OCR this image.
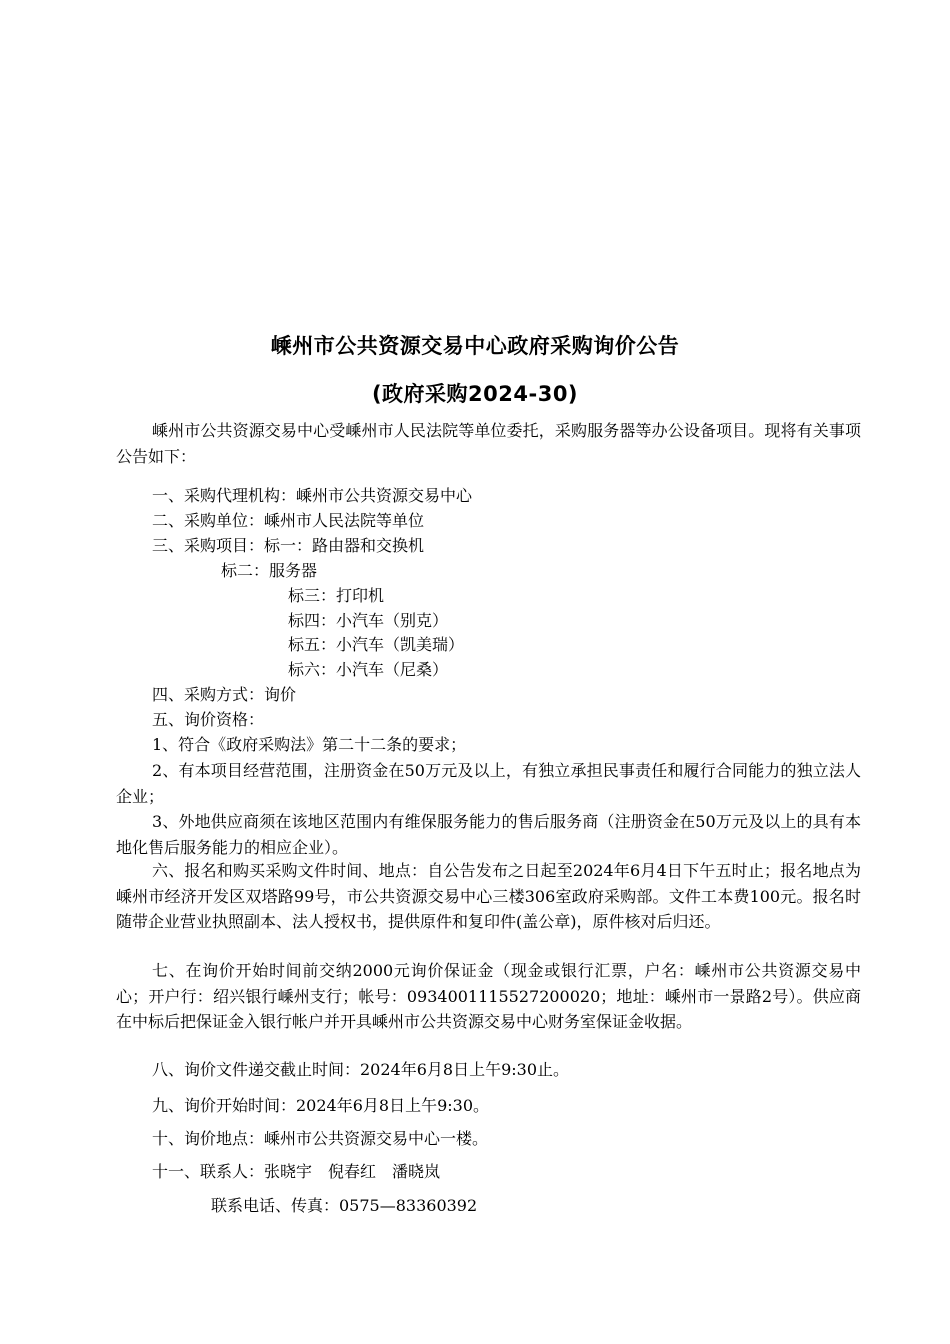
嵊州市公共资源交易中心政府采购询价公告
(政府采购2024-30)
嵊州市公共资源交易中心受嵊州市人民法院等单位委托，采购服务器等办公设备项目。现将有关事项公告如下：
一、采购代理机构：嵊州市公共资源交易中心
二、采购单位：嵊州市人民法院等单位
三、采购项目：标一：路由器和交换机
标二：服务器
标三：打印机
标四：小汽车（别克）
标五：小汽车（凯美瑞）
标六：小汽车（尼桑）
四、采购方式：询价
五、询价资格：
1、符合《政府采购法》第二十二条的要求；
2、有本项目经营范围，注册资金在50万元及以上，有独立承担民事责任和履行合同能力的独立法人企业；
3、外地供应商须在该地区范围内有维保服务能力的售后服务商（注册资金在50万元及以上的具有本地化售后服务能力的相应企业）。
六、报名和购买采购文件时间、地点：自公告发布之日起至2024年6月4日下午五时止；报名地点为嵊州市经济开发区双塔路99号，市公共资源交易中心三楼306室政府采购部。文件工本费100元。报名时随带企业营业执照副本、法人授权书，提供原件和复印件(盖公章)，原件核对后归还。
七、在询价开始时间前交纳2000元询价保证金（现金或银行汇票，户名：嵊州市公共资源交易中心；开户行：绍兴银行嵊州支行；帐号：0934001115527200020；地址：嵊州市一景路2号）。供应商在中标后把保证金入银行帐户并开具嵊州市公共资源交易中心财务室保证金收据。
八、询价文件递交截止时间：2024年6月8日上午9:30止。
九、询价开始时间：2024年6月8日上午9:30。
十、询价地点：嵊州市公共资源交易中心一楼。
十一、联系人：张晓宇　倪春红　潘晓岚
联系电话、传真：0575—83360392
